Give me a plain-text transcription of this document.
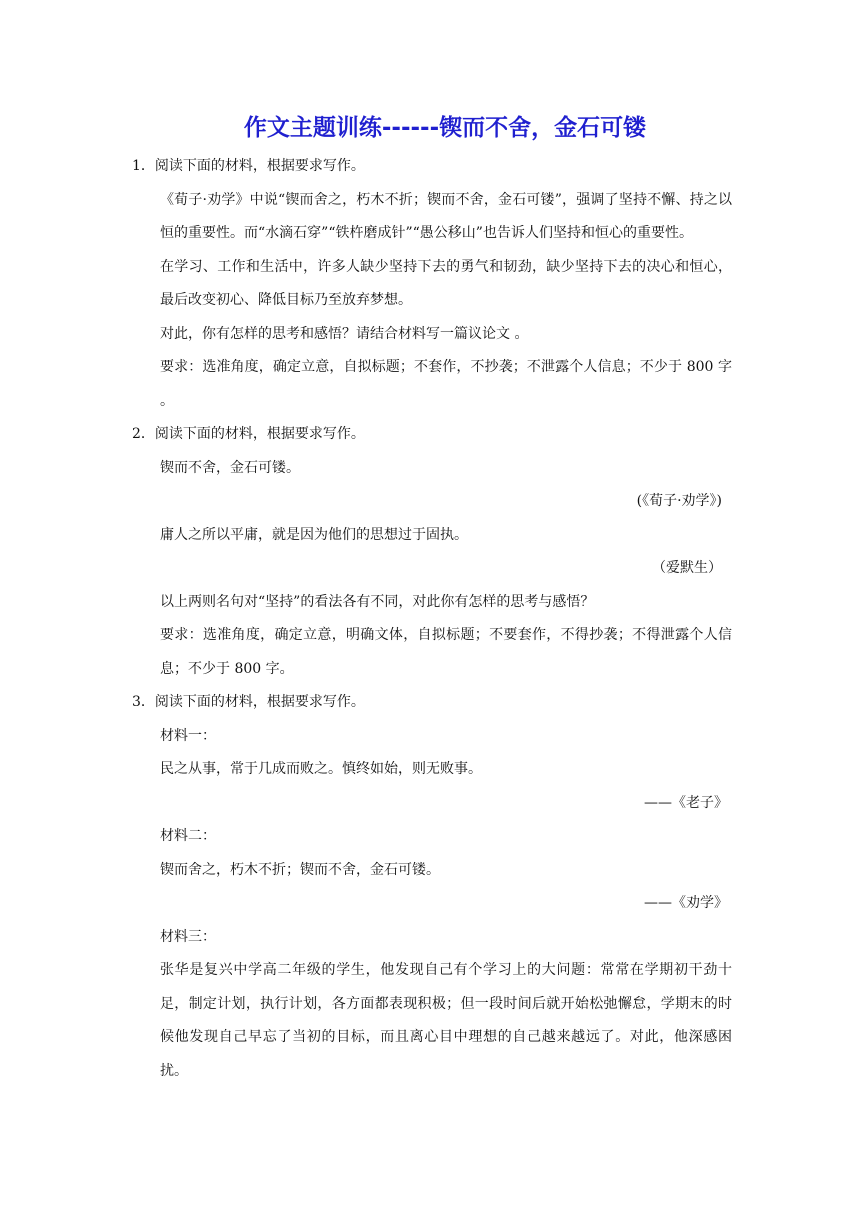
作文主题训练------锲而不舍，金石可镂
1．阅读下面的材料，根据要求写作。
《荀子·劝学》中说“锲而舍之，朽木不折；锲而不舍，金石可镂”，强调了坚持不懈、持之以恒的重要性。而“水滴石穿”“铁杵磨成针”“愚公移山”也告诉人们坚持和恒心的重要性。
在学习、工作和生活中，许多人缺少坚持下去的勇气和韧劲，缺少坚持下去的决心和恒心，最后改变初心、降低目标乃至放弃梦想。
对此，你有怎样的思考和感悟？请结合材料写一篇议论文 。
要求：选准角度，确定立意，自拟标题；不套作，不抄袭；不泄露个人信息；不少于 800 字 。
2．阅读下面的材料，根据要求写作。
锲而不舍，金石可镂。
(《荀子·劝学》)
庸人之所以平庸，就是因为他们的思想过于固执。
（爱默生）
以上两则名句对“坚持”的看法各有不同，对此你有怎样的思考与感悟？
要求：选准角度，确定立意，明确文体，自拟标题；不要套作，不得抄袭；不得泄露个人信息；不少于 800 字。
3．阅读下面的材料，根据要求写作。
材料一：
民之从事，常于几成而败之。慎终如始，则无败事。
——《老子》
材料二：
锲而舍之，朽木不折；锲而不舍，金石可镂。
——《劝学》
材料三：
张华是复兴中学高二年级的学生，他发现自己有个学习上的大问题：常常在学期初干劲十足，制定计划，执行计划，各方面都表现积极；但一段时间后就开始松弛懈怠，学期末的时候他发现自己早忘了当初的目标，而且离心目中理想的自己越来越远了。对此，他深感困扰。
